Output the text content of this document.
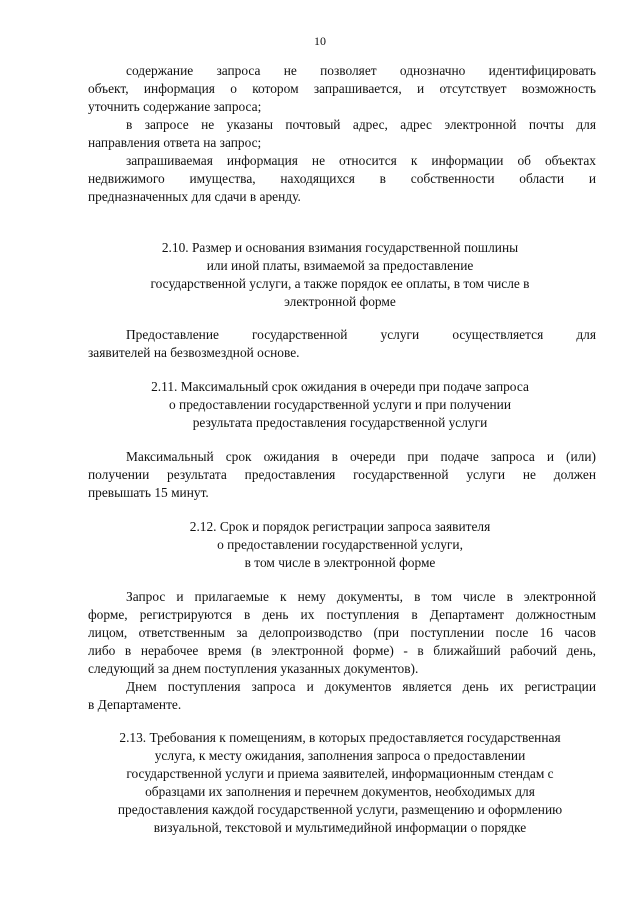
10
содержание запроса не позволяет однозначно идентифицировать
объект, информация о котором запрашивается, и отсутствует возможность
уточнить содержание запроса;
в запросе не указаны почтовый адрес, адрес электронной почты для
направления ответа на запрос;
запрашиваемая информация не относится к информации об объектах
недвижимого имущества, находящихся в собственности области и
предназначенных для сдачи в аренду.
2.10. Размер и основания взимания государственной пошлины
или иной платы, взимаемой за предоставление
государственной услуги, а также порядок ее оплаты, в том числе в
электронной форме
Предоставление государственной услуги осуществляется для
заявителей на безвозмездной основе.
2.11. Максимальный срок ожидания в очереди при подаче запроса
о предоставлении государственной услуги и при получении
результата предоставления государственной услуги
Максимальный срок ожидания в очереди при подаче запроса и (или)
получении результата предоставления государственной услуги не должен
превышать 15 минут.
2.12. Срок и порядок регистрации запроса заявителя
о предоставлении государственной услуги,
в том числе в электронной форме
Запрос и прилагаемые к нему документы, в том числе в электронной
форме, регистрируются в день их поступления в Департамент должностным
лицом, ответственным за делопроизводство (при поступлении после 16 часов
либо в нерабочее время (в электронной форме) - в ближайший рабочий день,
следующий за днем поступления указанных документов).
Днем поступления запроса и документов является день их регистрации
в Департаменте.
2.13. Требования к помещениям, в которых предоставляется государственная
услуга, к месту ожидания, заполнения запроса о предоставлении
государственной услуги и приема заявителей, информационным стендам с
образцами их заполнения и перечнем документов, необходимых для
предоставления каждой государственной услуги, размещению и оформлению
визуальной, текстовой и мультимедийной информации о порядке
